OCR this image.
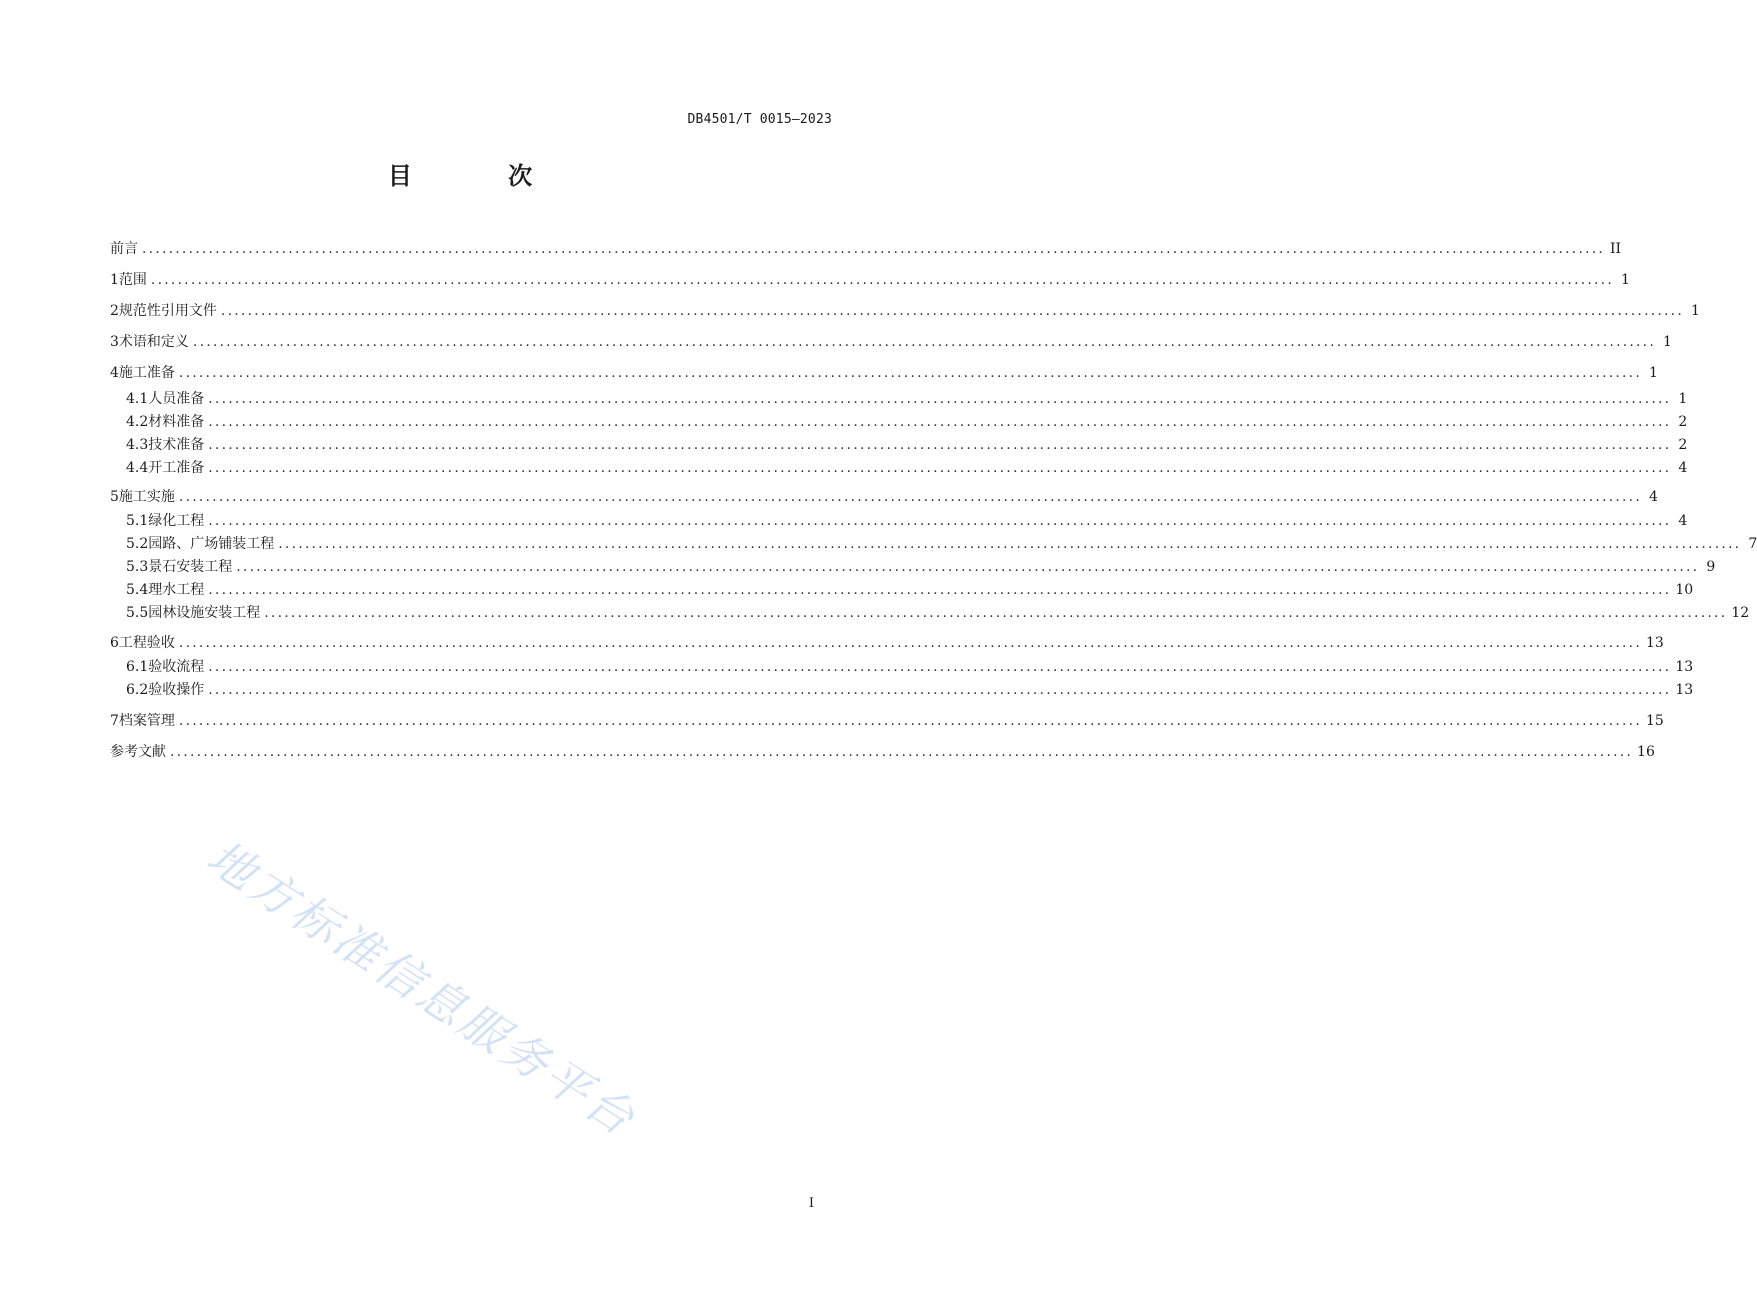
DB4501/T 0015—2023
目 次
前言 ............................................................................................................................................................................................................................ II
1 范围 ............................................................................................................................................................................................................................ 1
2 规范性引用文件 ............................................................................................................................................................................................................................ 1
3 术语和定义 ............................................................................................................................................................................................................................ 1
4 施工准备 ............................................................................................................................................................................................................................ 1
4.1 人员准备 ............................................................................................................................................................................................................................ 1
4.2 材料准备 ............................................................................................................................................................................................................................ 2
4.3 技术准备 ............................................................................................................................................................................................................................ 2
4.4 开工准备 ............................................................................................................................................................................................................................ 4
5 施工实施 ............................................................................................................................................................................................................................ 4
5.1 绿化工程 ............................................................................................................................................................................................................................ 4
5.2 园路、广场铺装工程 ............................................................................................................................................................................................................................ 7
5.3 景石安装工程 ............................................................................................................................................................................................................................ 9
5.4 理水工程 ............................................................................................................................................................................................................................ 10
5.5 园林设施安装工程 ............................................................................................................................................................................................................................ 12
6 工程验收 ............................................................................................................................................................................................................................ 13
6.1 验收流程 ............................................................................................................................................................................................................................ 13
6.2 验收操作 ............................................................................................................................................................................................................................ 13
7 档案管理 ............................................................................................................................................................................................................................ 15
参考文献 ............................................................................................................................................................................................................................ 16
地方标准信息服务平台
I
